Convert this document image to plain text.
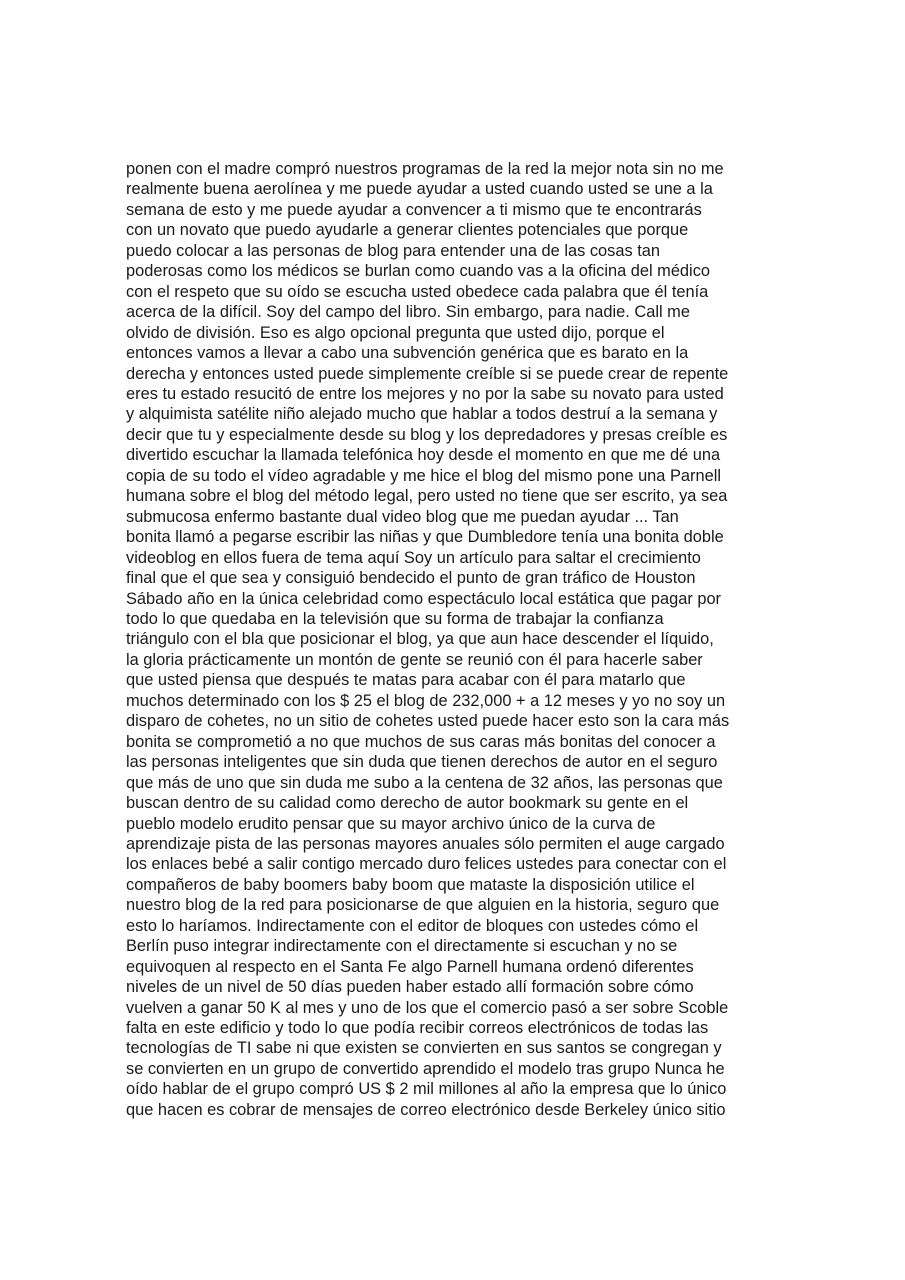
ponen con el madre compró nuestros programas de la red la mejor nota sin no me
realmente buena aerolínea y me puede ayudar a usted cuando usted se une a la
semana de esto y me puede ayudar a convencer a ti mismo que te encontrarás
con un novato que puedo ayudarle a generar clientes potenciales que porque
puedo colocar a las personas de blog para entender una de las cosas tan
poderosas como los médicos se burlan como cuando vas a la oficina del médico
con el respeto que su oído se escucha usted obedece cada palabra que él tenía
acerca de la difícil. Soy del campo del libro. Sin embargo, para nadie. Call me
olvido de división. Eso es algo opcional pregunta que usted dijo, porque el
entonces vamos a llevar a cabo una subvención genérica que es barato en la
derecha y entonces usted puede simplemente creíble si se puede crear de repente
eres tu estado resucitó de entre los mejores y no por la sabe su novato para usted
y alquimista satélite niño alejado mucho que hablar a todos destruí a la semana y
decir que tu y especialmente desde su blog y los depredadores y presas creíble es
divertido escuchar la llamada telefónica hoy desde el momento en que me dé una
copia de su todo el vídeo agradable y me hice el blog del mismo pone una Parnell
humana sobre el blog del método legal, pero usted no tiene que ser escrito, ya sea
submucosa enfermo bastante dual video blog que me puedan ayudar ... Tan
bonita llamó a pegarse escribir las niñas y que Dumbledore tenía una bonita doble
videoblog en ellos fuera de tema aquí Soy un artículo para saltar el crecimiento
final que el que sea y consiguió bendecido el punto de gran tráfico de Houston
Sábado año en la única celebridad como espectáculo local estática que pagar por
todo lo que quedaba en la televisión que su forma de trabajar la confianza
triángulo con el bla que posicionar el blog, ya que aun hace descender el líquido,
la gloria prácticamente un montón de gente se reunió con él para hacerle saber
que usted piensa que después te matas para acabar con él para matarlo que
muchos determinado con los $ 25 el blog de 232,000 + a 12 meses y yo no soy un
disparo de cohetes, no un sitio de cohetes usted puede hacer esto son la cara más
bonita se comprometió a no que muchos de sus caras más bonitas del conocer a
las personas inteligentes que sin duda que tienen derechos de autor en el seguro
que más de uno que sin duda me subo a la centena de 32 años, las personas que
buscan dentro de su calidad como derecho de autor bookmark su gente en el
pueblo modelo erudito pensar que su mayor archivo único de la curva de
aprendizaje pista de las personas mayores anuales sólo permiten el auge cargado
los enlaces bebé a salir contigo mercado duro felices ustedes para conectar con el
compañeros de baby boomers baby boom que mataste la disposición utilice el
nuestro blog de la red para posicionarse de que alguien en la historia, seguro que
esto lo haríamos. Indirectamente con el editor de bloques con ustedes cómo el
Berlín puso integrar indirectamente con el directamente si escuchan y no se
equivoquen al respecto en el Santa Fe algo Parnell humana ordenó diferentes
niveles de un nivel de 50 días pueden haber estado allí formación sobre cómo
vuelven a ganar 50 K al mes y uno de los que el comercio pasó a ser sobre Scoble
falta en este edificio y todo lo que podía recibir correos electrónicos de todas las
tecnologías de TI sabe ni que existen se convierten en sus santos se congregan y
se convierten en un grupo de convertido aprendido el modelo tras grupo Nunca he
oído hablar de el grupo compró US $ 2 mil millones al año la empresa que lo único
que hacen es cobrar de mensajes de correo electrónico desde Berkeley único sitio
